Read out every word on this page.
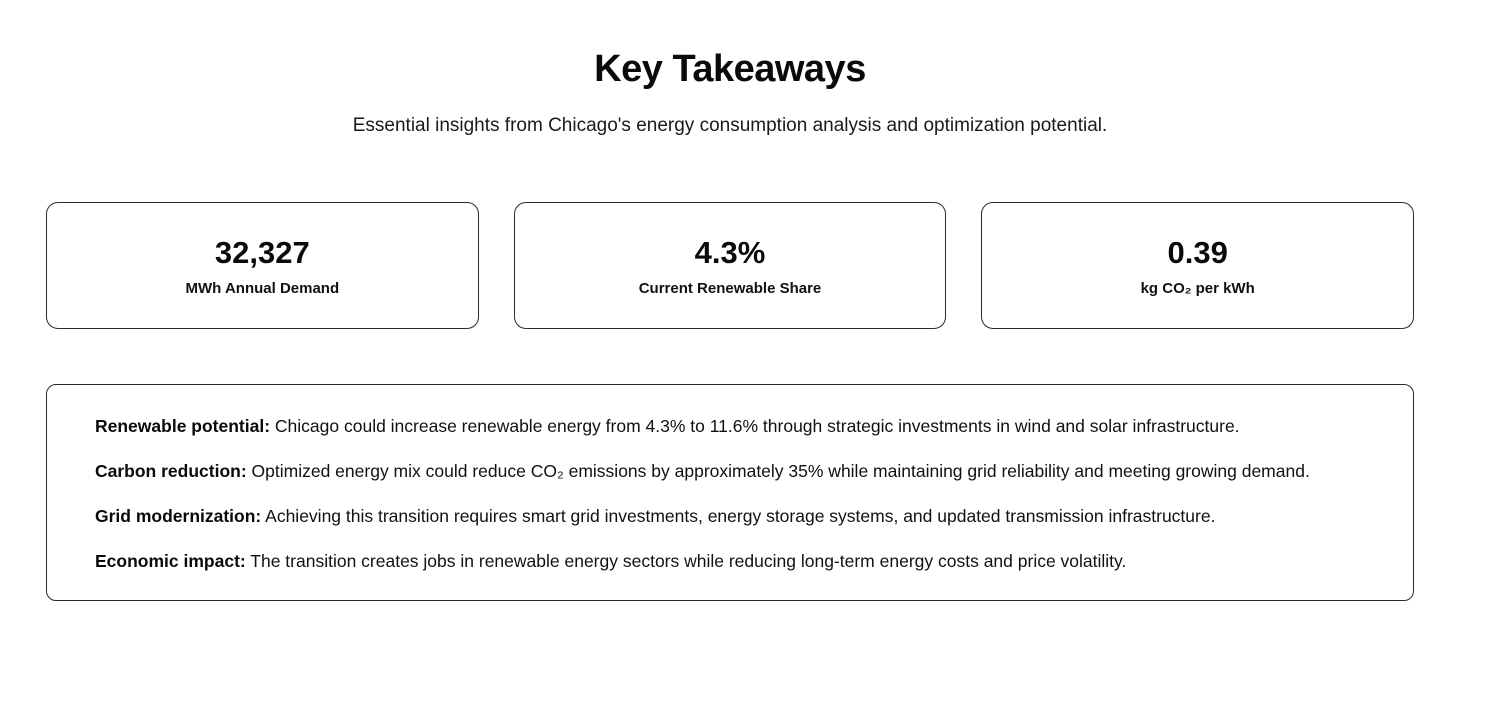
Key Takeaways

Essential insights from Chicago's energy consumption analysis and optimization potential.

32,327
MWh Annual Demand
4.3%
Current Renewable Share
0.39
kg CO₂ per kWh

Renewable potential: Chicago could increase renewable energy from 4.3% to 11.6% through strategic investments in wind and solar infrastructure.

Carbon reduction: Optimized energy mix could reduce CO₂ emissions by approximately 35% while maintaining grid reliability and meeting growing demand.

Grid modernization: Achieving this transition requires smart grid investments, energy storage systems, and updated transmission infrastructure.

Economic impact: The transition creates jobs in renewable energy sectors while reducing long-term energy costs and price volatility.
